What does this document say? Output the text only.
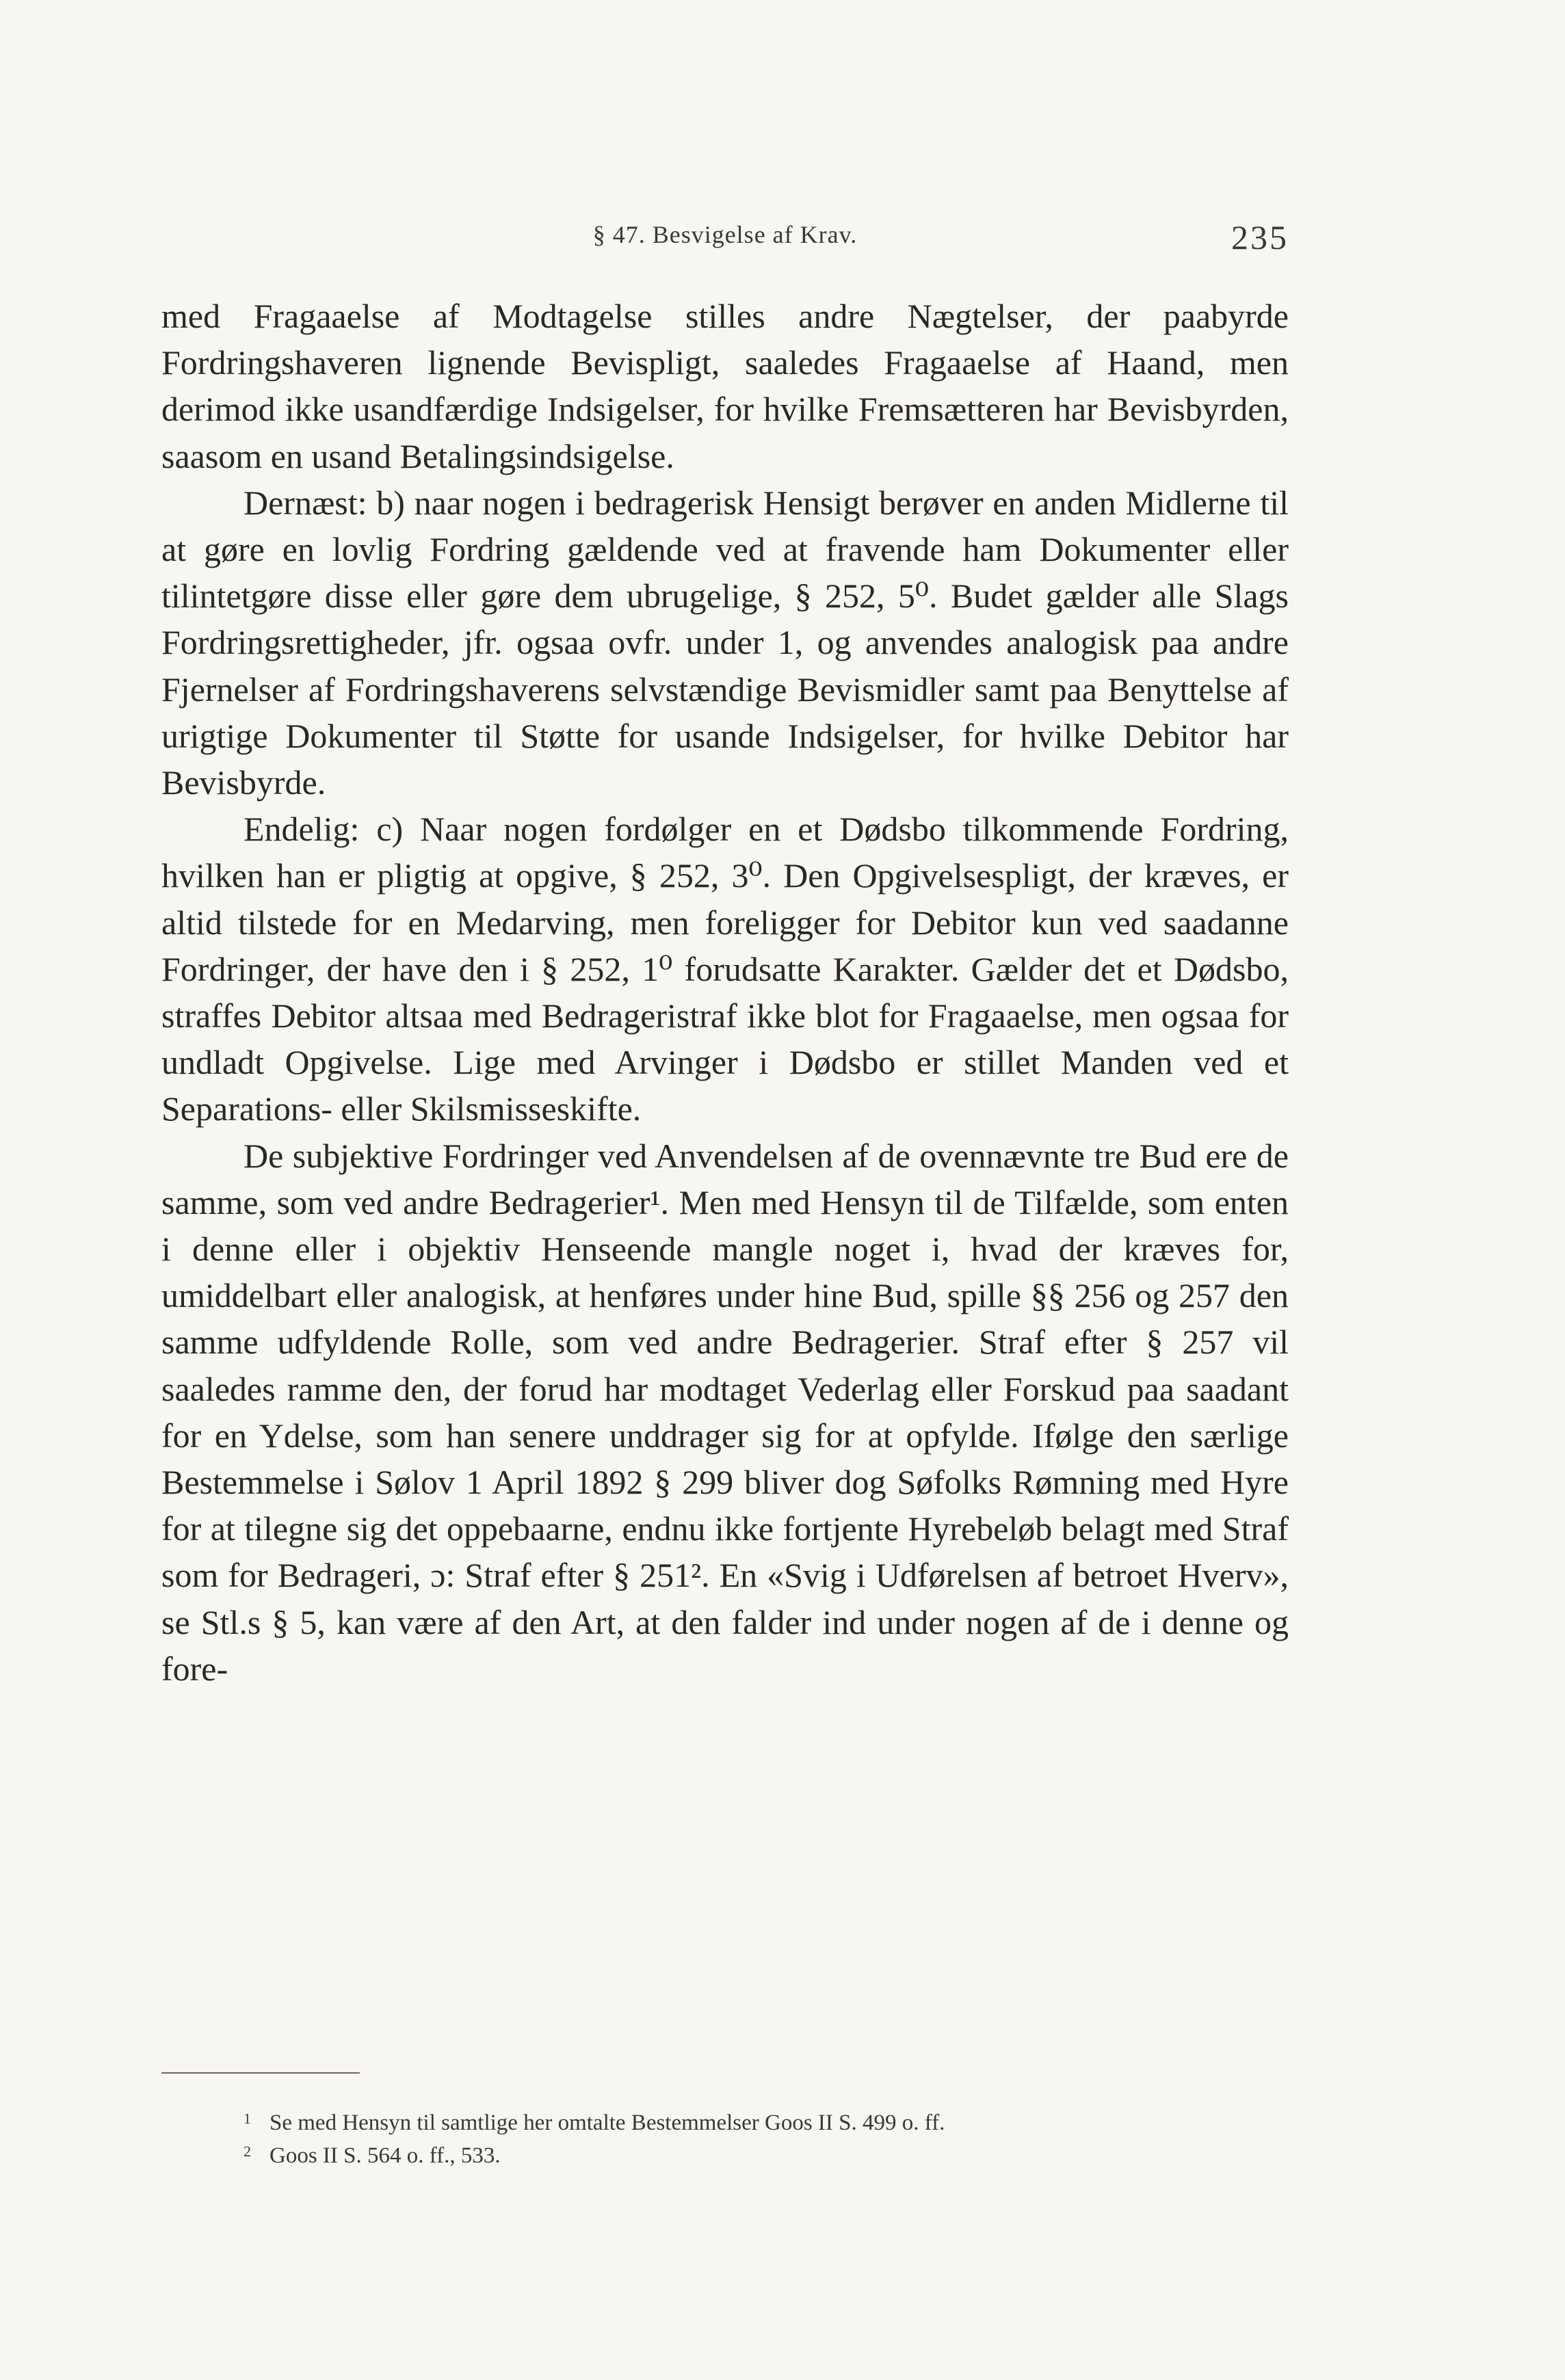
§ 47. Besvigelse af Krav.	235

med Fragaaelse af Modtagelse stilles andre Nægtelser, der paabyrde Fordringshaveren lignende Bevispligt, saaledes Fragaaelse af Haand, men derimod ikke usandfærdige Indsigelser, for hvilke Fremsætteren har Bevisbyrden, saasom en usand Betalingsindsigelse.

Dernæst: b) naar nogen i bedragerisk Hensigt berøver en anden Midlerne til at gøre en lovlig Fordring gældende ved at fravende ham Dokumenter eller tilintetgøre disse eller gøre dem ubrugelige, § 252, 5⁰. Budet gælder alle Slags Fordringsrettigheder, jfr. ogsaa ovfr. under 1, og anvendes analogisk paa andre Fjernelser af Fordringshaverens selvstændige Bevismidler samt paa Benyttelse af urigtige Dokumenter til Støtte for usande Indsigelser, for hvilke Debitor har Bevisbyrde.

Endelig: c) Naar nogen fordølger en et Dødsbo tilkommende Fordring, hvilken han er pligtig at opgive, § 252, 3⁰. Den Opgivelsespligt, der kræves, er altid tilstede for en Medarving, men foreligger for Debitor kun ved saadanne Fordringer, der have den i § 252, 1⁰ forudsatte Karakter. Gælder det et Dødsbo, straffes Debitor altsaa med Bedrageristraf ikke blot for Fragaaelse, men ogsaa for undladt Opgivelse. Lige med Arvinger i Dødsbo er stillet Manden ved et Separations- eller Skilsmisseskifte.

De subjektive Fordringer ved Anvendelsen af de ovennævnte tre Bud ere de samme, som ved andre Bedragerier¹. Men med Hensyn til de Tilfælde, som enten i denne eller i objektiv Henseende mangle noget i, hvad der kræves for, umiddelbart eller analogisk, at henføres under hine Bud, spille §§ 256 og 257 den samme udfyldende Rolle, som ved andre Bedragerier. Straf efter § 257 vil saaledes ramme den, der forud har modtaget Vederlag eller Forskud paa saadant for en Ydelse, som han senere unddrager sig for at opfylde. Ifølge den særlige Bestemmelse i Sølov 1 April 1892 § 299 bliver dog Søfolks Rømning med Hyre for at tilegne sig det oppebaarne, endnu ikke fortjente Hyrebeløb belagt med Straf som for Bedrageri, ɔ: Straf efter § 251². En «Svig i Udførelsen af betroet Hverv», se Stl.s § 5, kan være af den Art, at den falder ind under nogen af de i denne og fore-

1 Se med Hensyn til samtlige her omtalte Bestemmelser Goos II S. 499 o. ff.
2 Goos II S. 564 o. ff., 533.
